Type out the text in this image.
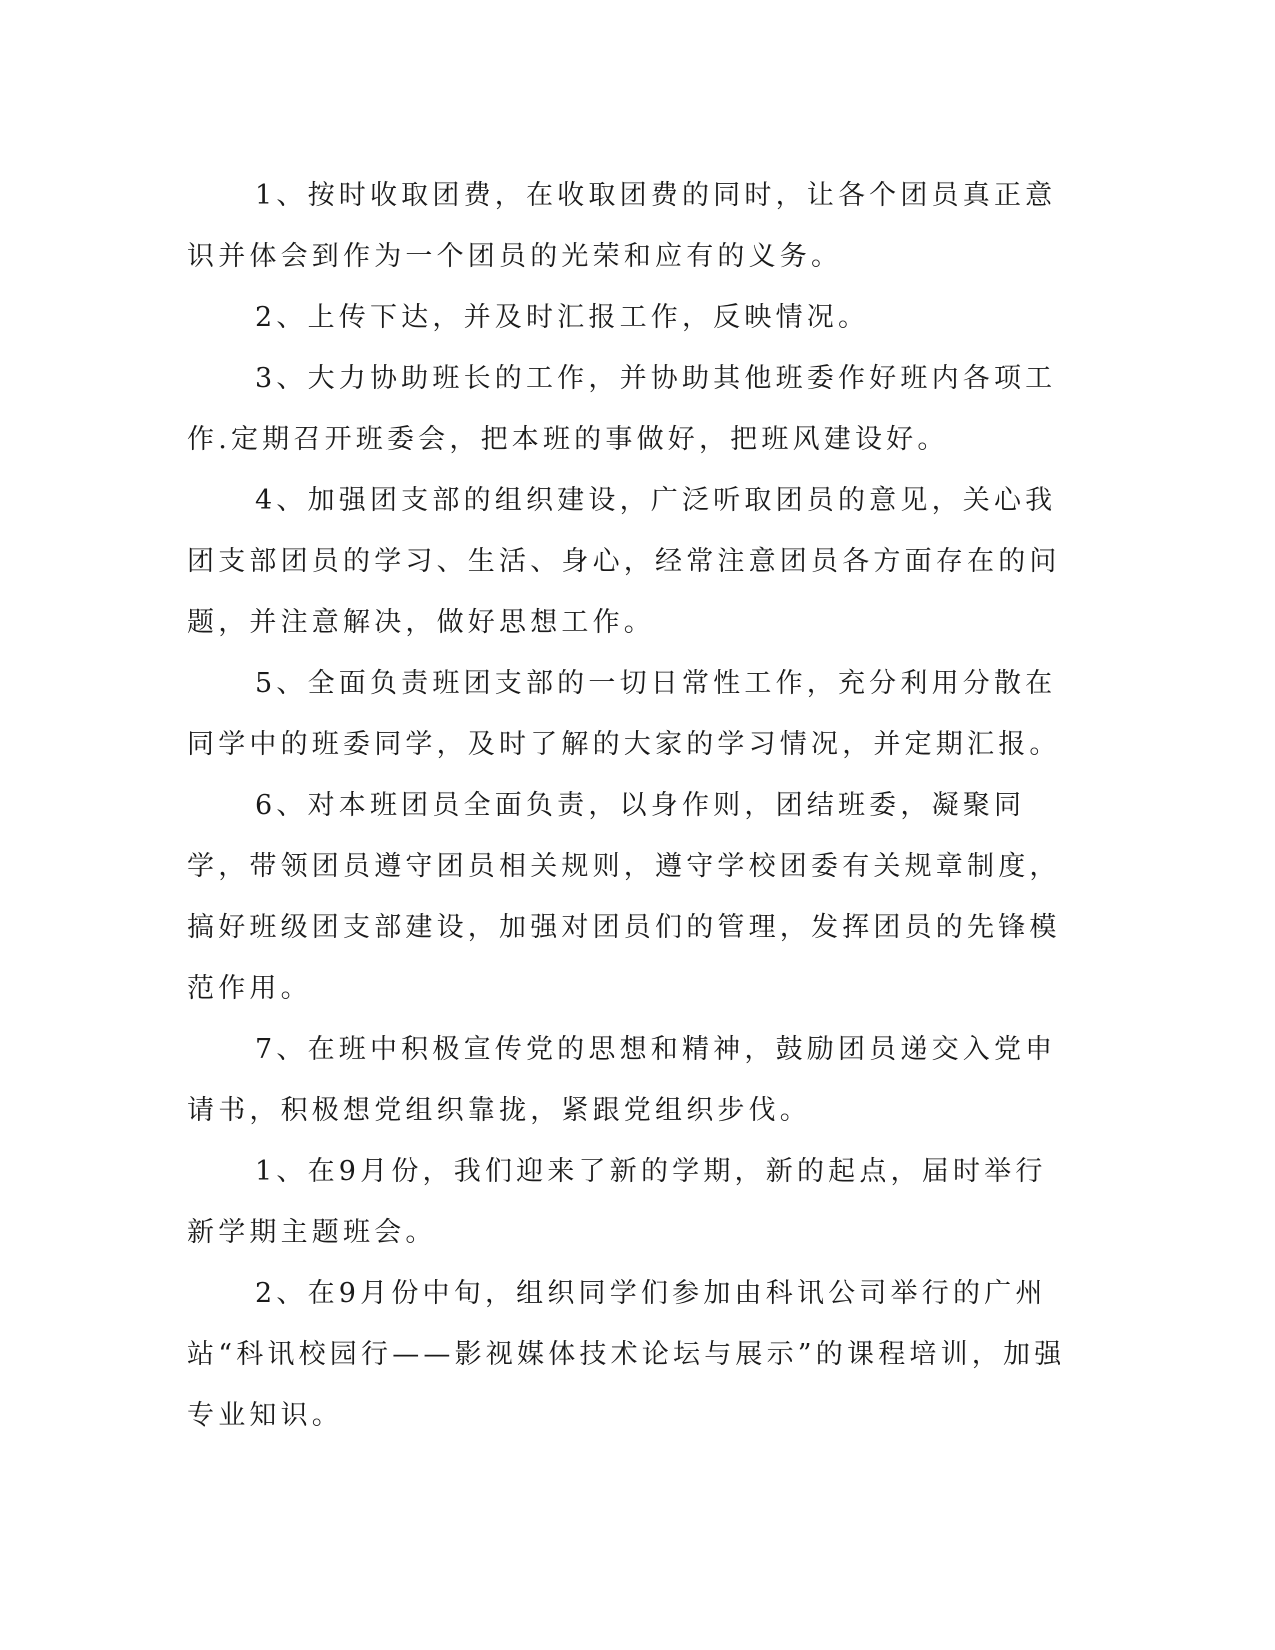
1、按时收取团费，在收取团费的同时，让各个团员真正意识并体会到作为一个团员的光荣和应有的义务。

2、上传下达，并及时汇报工作，反映情况。

3、大力协助班长的工作，并协助其他班委作好班内各项工作.定期召开班委会，把本班的事做好，把班风建设好。

4、加强团支部的组织建设，广泛听取团员的意见，关心我团支部团员的学习、生活、身心，经常注意团员各方面存在的问题，并注意解决，做好思想工作。

5、全面负责班团支部的一切日常性工作，充分利用分散在同学中的班委同学，及时了解的大家的学习情况，并定期汇报。

6、对本班团员全面负责，以身作则，团结班委，凝聚同学，带领团员遵守团员相关规则，遵守学校团委有关规章制度，搞好班级团支部建设，加强对团员们的管理，发挥团员的先锋模范作用。

7、在班中积极宣传党的思想和精神，鼓励团员递交入党申请书，积极想党组织靠拢，紧跟党组织步伐。

1、在9月份，我们迎来了新的学期，新的起点，届时举行新学期主题班会。

2、在9月份中旬，组织同学们参加由科讯公司举行的广州站“科讯校园行——影视媒体技术论坛与展示”的课程培训，加强专业知识。
